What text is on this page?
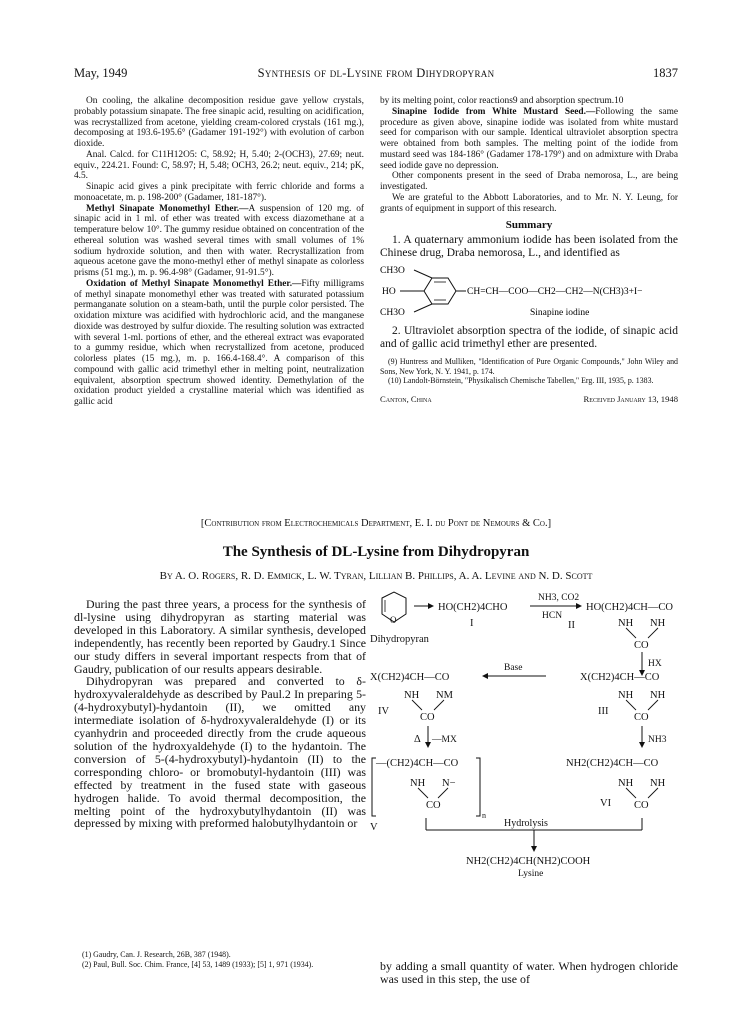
May, 1949	Synthesis of dl-Lysine from Dihydropyran	1837

On cooling, the alkaline decomposition residue gave yellow crystals, probably potassium sinapate. The free sinapic acid, resulting on acidification, was recrystallized from acetone, yielding cream-colored crystals (161 mg.), decomposing at 193.6-195.6° (Gadamer 191-192°) with evolution of carbon dioxide.

Anal. Calcd. for C11H12O5: C, 58.92; H, 5.40; 2-(OCH3), 27.69; neut. equiv., 224.21. Found: C, 58.97; H, 5.48; OCH3, 26.2; neut. equiv., 214; pK, 4.5.

Sinapic acid gives a pink precipitate with ferric chloride and forms a monoacetate, m. p. 198-200° (Gadamer, 181-187°).

Methyl Sinapate Monomethyl Ether.—A suspension of 120 mg. of sinapic acid in 1 ml. of ether was treated with excess diazomethane at a temperature below 10°. The gummy residue obtained on concentration of the ethereal solution was washed several times with small volumes of 1% sodium hydroxide solution, and then with water. Recrystallization from aqueous acetone gave the mono-methyl ether of methyl sinapate as colorless prisms (51 mg.), m. p. 96.4-98° (Gadamer, 91-91.5°).

Oxidation of Methyl Sinapate Monomethyl Ether.—Fifty milligrams of methyl sinapate monomethyl ether was treated with saturated potassium permanganate solution on a steam-bath, until the purple color persisted. The oxidation mixture was acidified with hydrochloric acid, and the manganese dioxide was destroyed by sulfur dioxide. The resulting solution was extracted with several 1-ml. portions of ether, and the ethereal extract was evaporated to a gummy residue, which when recrystallized from acetone, produced colorless plates (15 mg.), m. p. 166.4-168.4°. A comparison of this compound with gallic acid trimethyl ether in melting point, neutralization equivalent, absorption spectrum showed identity. Demethylation of the oxidation product yielded a crystalline material which was identified as gallic acid

by its melting point, color reactions9 and absorption spectrum.10

Sinapine Iodide from White Mustard Seed.—Following the same procedure as given above, sinapine iodide was isolated from white mustard seed for comparison with our sample. Identical ultraviolet absorption spectra were obtained from both samples. The melting point of the iodide from mustard seed was 184-186° (Gadamer 178-179°) and on admixture with Draba seed iodide gave no depression.

Other components present in the seed of Draba nemorosa, L., are being investigated.

We are grateful to the Abbott Laboratories, and to Mr. N. Y. Leung, for grants of equipment in support of this research.

Summary

1. A quaternary ammonium iodide has been isolated from the Chinese drug, Draba nemorosa, L., and identified as

CH3O
HO
CH3O
CH=CH—COO—CH2—CH2—N(CH3)3+I−
Sinapine iodine

2. Ultraviolet absorption spectra of the iodide, of sinapic acid and of gallic acid trimethyl ether are presented.

(9) Huntress and Mulliken, "Identification of Pure Organic Compounds," John Wiley and Sons, New York, N. Y. 1941, p. 174.
(10) Landolt-Börnstein, "Physikalisch Chemische Tabellen," Erg. III, 1935, p. 1383.
Canton, China	Received January 13, 1948
[Contribution from Electrochemicals Department, E. I. du Pont de Nemours & Co.]
The Synthesis of DL-Lysine from Dihydropyran
By A. O. Rogers, R. D. Emmick, L. W. Tyran, Lillian B. Phillips, A. A. Levine and N. D. Scott

During the past three years, a process for the synthesis of dl-lysine using dihydropyran as starting material was developed in this Laboratory. A similar synthesis, developed independently, has recently been reported by Gaudry.1 Since our study differs in several important respects from that of Gaudry, publication of our results appears desirable.

Dihydropyran was prepared and converted to δ-hydroxyvaleraldehyde as described by Paul.2 In preparing 5-(4-hydroxybutyl)-hydantoin (II), we omitted any intermediate isolation of δ-hydroxyvaleraldehyde (I) or its cyanhydrin and proceeded directly from the crude aqueous solution of the hydroxyaldehyde (I) to the hydantoin. The conversion of 5-(4-hydroxybutyl)-hydantoin (II) to the corresponding chloro- or bromobutyl-hydantoin (III) was effected by treatment in the fused state with gaseous hydrogen halide. To avoid thermal decomposition, the melting point of the hydroxybutylhydantoin (II) was depressed by mixing with preformed halobutylhydantoin or

(1) Gaudry, Can. J. Research, 26B, 387 (1948).
(2) Paul, Bull. Soc. Chim. France, [4] 53, 1489 (1933); [5] 1, 971 (1934).
O
Dihydropyran
HO(CH2)4CHO
I
NH3, CO2
HCN
HO(CH2)4CH—CO
II	NH NH
CO
HX
Base
X(CH2)4CH—CO
NH NM
CO
IV
X(CH2)4CH—CO
NH NH
CO
III
Δ —MX	NH3
—(CH2)4CH—CO
NH N−
CO
n
V
NH2(CH2)4CH—CO
NH NH
CO
VI
Hydrolysis
NH2(CH2)4CH(NH2)COOH
Lysine

by adding a small quantity of water. When hydrogen chloride was used in this step, the use of
